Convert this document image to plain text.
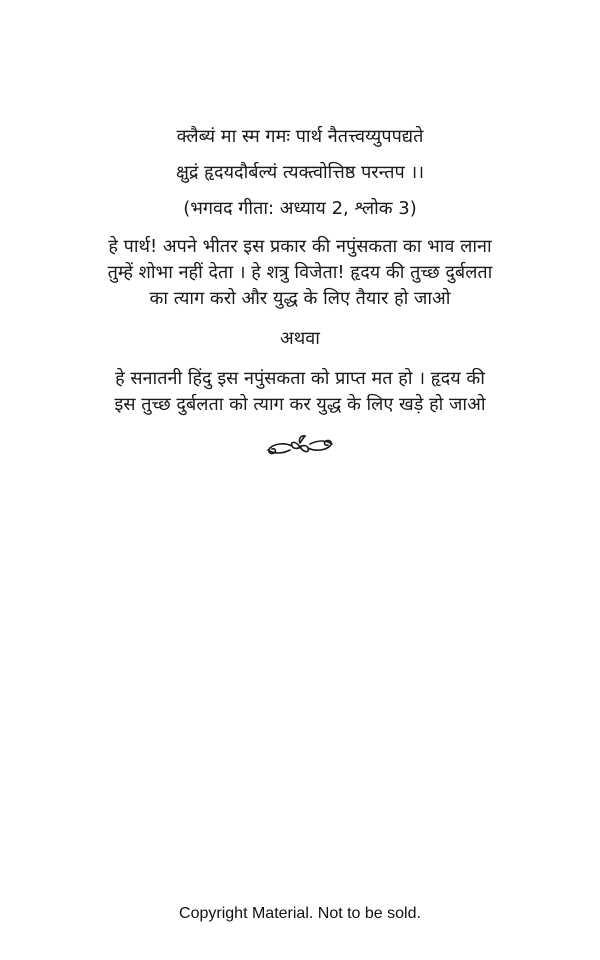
क्लैब्यं मा स्म गमः पार्थ नैतत्त्वय्युपपद्यते
क्षुद्रं हृदयदौर्बल्यं त्यक्त्वोत्तिष्ठ परन्तप ।।
(भगवद गीता: अध्याय 2, श्लोक 3)
हे पार्थ! अपने भीतर इस प्रकार की नपुंसकता का भाव लाना
तुम्हें शोभा नहीं देता । हे शत्रु विजेता! हृदय की तुच्छ दुर्बलता
का त्याग करो और युद्ध के लिए तैयार हो जाओ
अथवा
हे सनातनी हिंदु इस नपुंसकता को प्राप्त मत हो । हृदय की
इस तुच्छ दुर्बलता को त्याग कर युद्ध के लिए खड़े हो जाओ
Copyright Material. Not to be sold.
